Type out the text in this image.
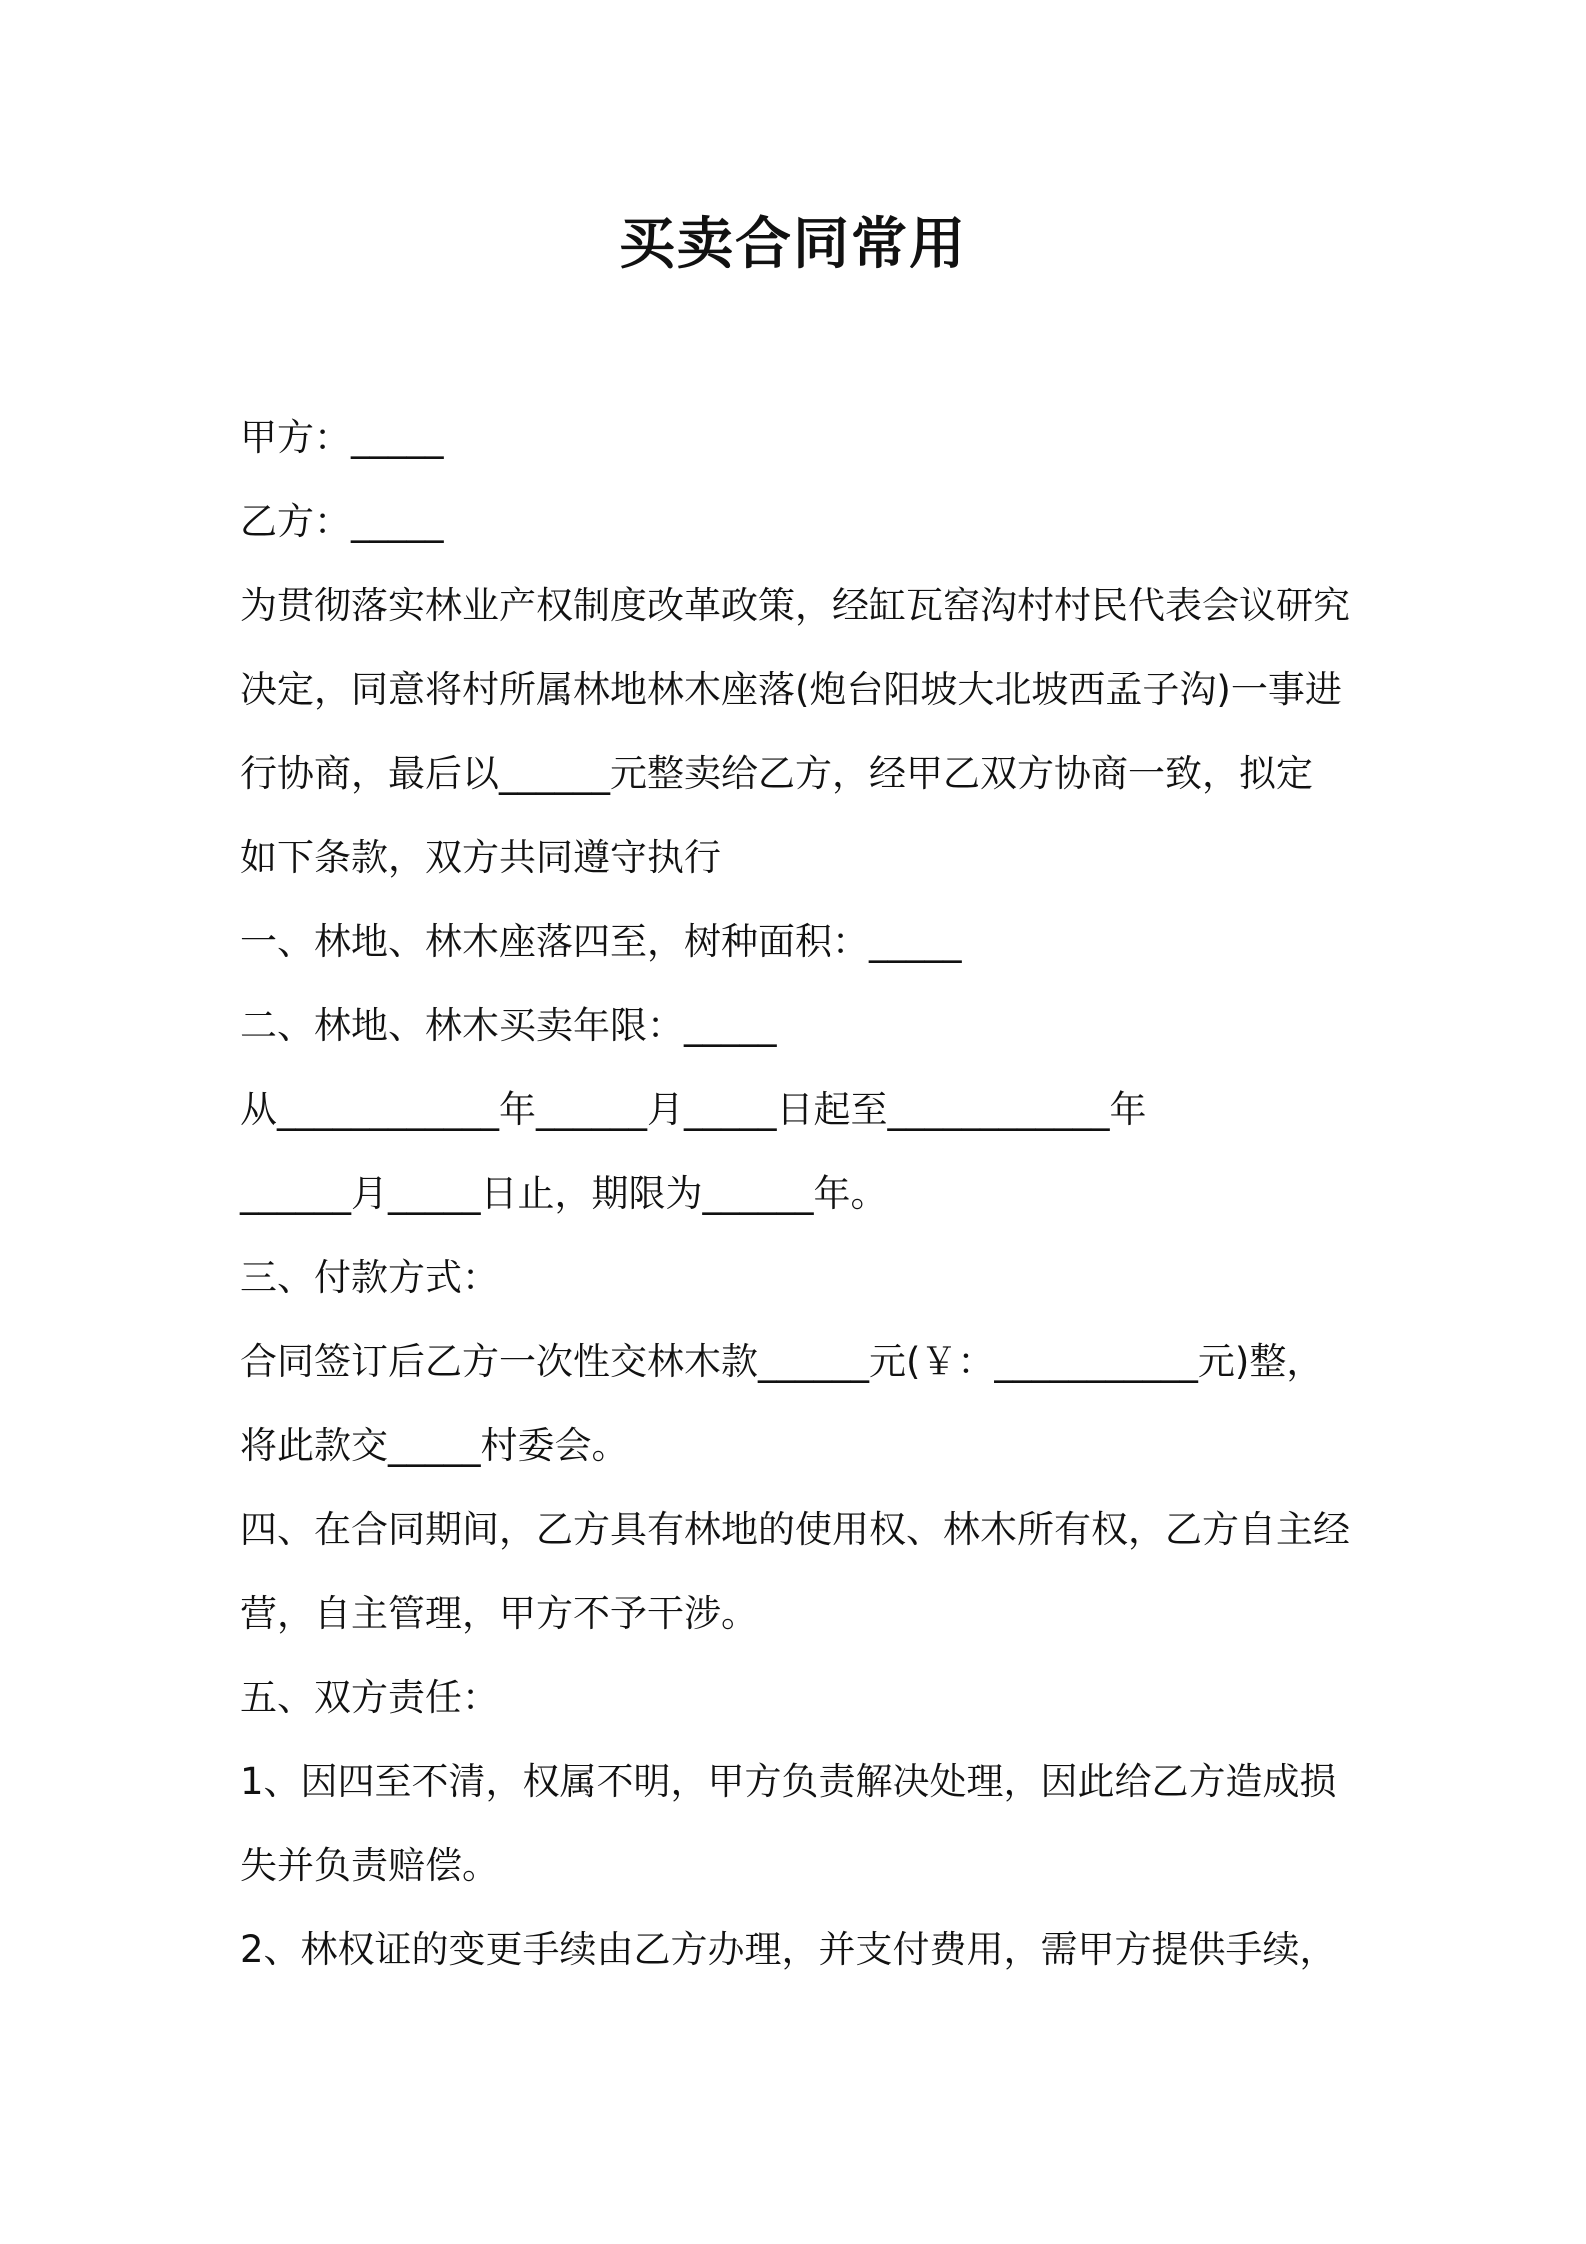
买卖合同常用

甲方：_____

乙方：_____

为贯彻落实林业产权制度改革政策，经缸瓦窑沟村村民代表会议研究

决定，同意将村所属林地林木座落(炮台阳坡大北坡西孟子沟)一事进

行协商，最后以______元整卖给乙方，经甲乙双方协商一致，拟定

如下条款，双方共同遵守执行

一、林地、林木座落四至，树种面积：_____

二、林地、林木买卖年限：_____

从____________年______月_____日起至____________年

______月_____日止，期限为______年。

三、付款方式：

合同签订后乙方一次性交林木款______元(￥：___________元)整，

将此款交_____村委会。

四、在合同期间，乙方具有林地的使用权、林木所有权，乙方自主经

营，自主管理，甲方不予干涉。

五、双方责任：

1、因四至不清，权属不明，甲方负责解决处理，因此给乙方造成损

失并负责赔偿。

2、林权证的变更手续由乙方办理，并支付费用，需甲方提供手续，
